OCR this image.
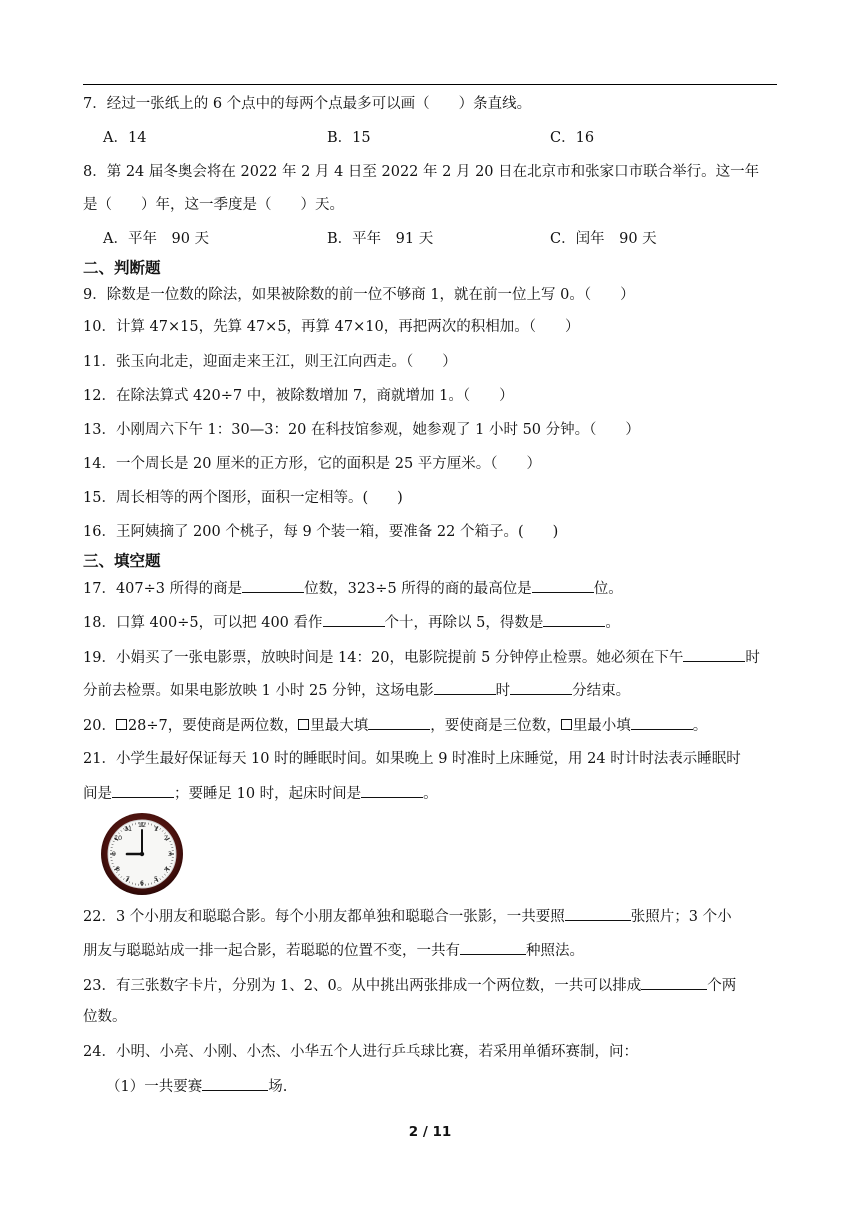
7．经过一张纸上的 6 个点中的每两个点最多可以画（　　）条直线。
A．14	B．15	C．16
8．第 24 届冬奥会将在 2022 年 2 月 4 日至 2022 年 2 月 20 日在北京市和张家口市联合举行。这一年
是（　　）年，这一季度是（　　）天。
A．平年　90 天	B．平年　91 天	C．闰年　90 天
二、判断题
9．除数是一位数的除法，如果被除数的前一位不够商 1，就在前一位上写 0。（　　）
10．计算 47×15，先算 47×5，再算 47×10，再把两次的积相加。（　　）
11．张玉向北走，迎面走来王江，则王江向西走。（　　）
12．在除法算式 420÷7 中，被除数增加 7，商就增加 1。（　　）
13．小刚周六下午 1：30—3：20 在科技馆参观，她参观了 1 小时 50 分钟。（　　）
14．一个周长是 20 厘米的正方形，它的面积是 25 平方厘米。（　　）
15．周长相等的两个图形，面积一定相等。(　　)
16．王阿姨摘了 200 个桃子，每 9 个装一箱，要准备 22 个箱子。(　　)
三、填空题
17．407÷3 所得的商是	位数，323÷5 所得的商的最高位是	位。
18．口算 400÷5，可以把 400 看作	个十，再除以 5，得数是	。
19．小娟买了一张电影票，放映时间是 14：20，电影院提前 5 分钟停止检票。她必须在下午	时
分前去检票。如果电影放映 1 小时 25 分钟，这场电影	时	分结束。
20． 28÷7，要使商是两位数， 里最大填	，要使商是三位数， 里最小填	。
21．小学生最好保证每天 10 时的睡眠时间。如果晚上 9 时准时上床睡觉，用 24 时计时法表示睡眠时
间是	；要睡足 10 时，起床时间是	。
12 1
2
3
4
5
6
7
8
9
10
11
22．3 个小朋友和聪聪合影。每个小朋友都单独和聪聪合一张影，一共要照	张照片；3 个小
朋友与聪聪站成一排一起合影，若聪聪的位置不变，一共有	种照法。
23．有三张数字卡片，分别为 1、2、0。从中挑出两张排成一个两位数，一共可以排成	个两
位数。
24．小明、小亮、小刚、小杰、小华五个人进行乒乓球比赛，若采用单循环赛制，问：
（1）一共要赛	场.
2 / 11
